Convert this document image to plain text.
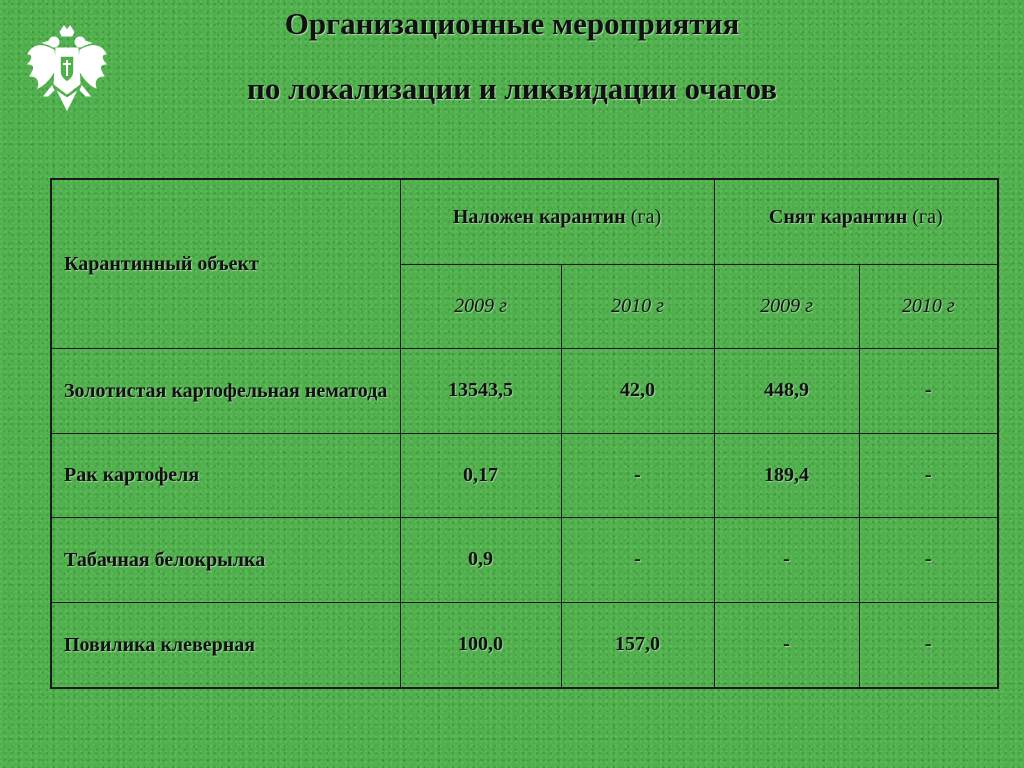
Организационные мероприятия
по локализации и ликвидации очагов
Карантинный объект	Наложен карантин (га)		Снят карантин (га)	
	2009 г	2010 г	2009 г	2010 г
Золотистая картофельная нематода	13543,5	42,0	448,9	-
Рак картофеля	0,17	-	189,4	-
Табачная белокрылка	0,9	-	-	-
Повилика клеверная	100,0	157,0	-	-
